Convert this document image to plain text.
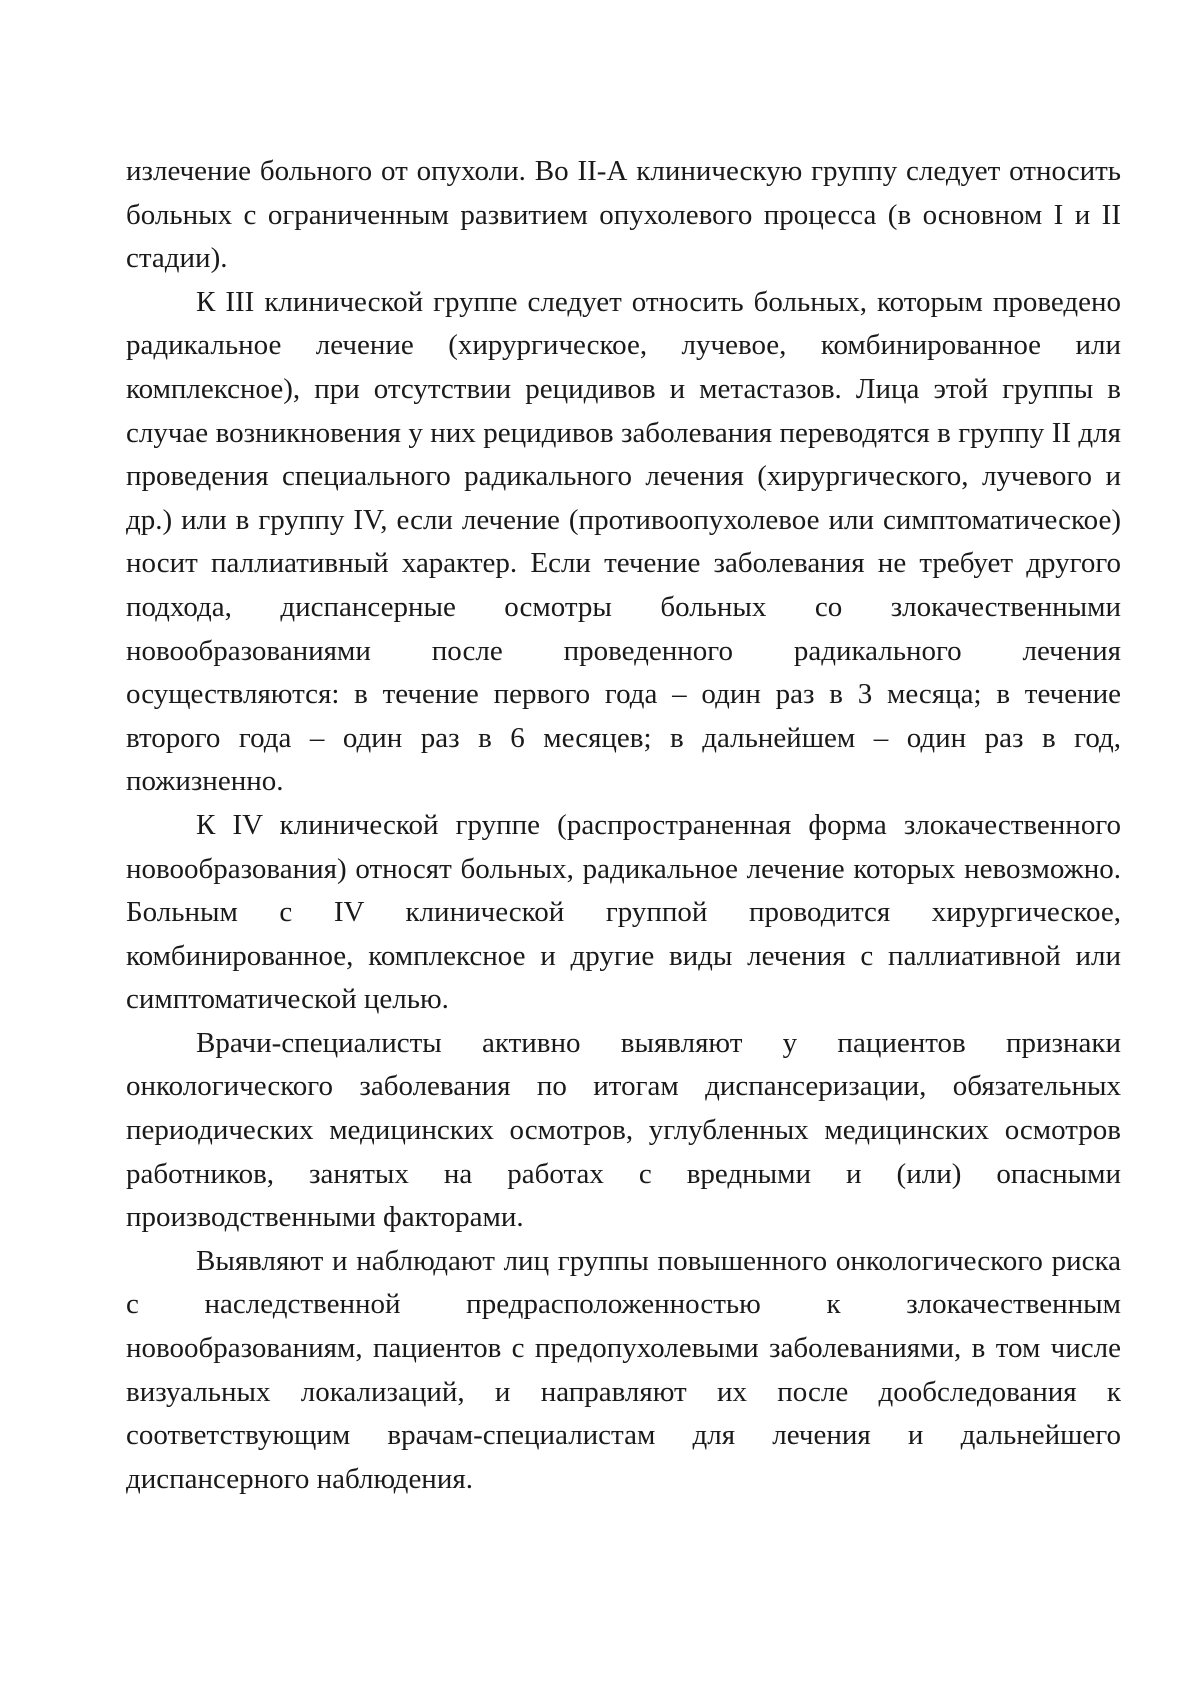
излечение больного от опухоли. Во II-А клиническую группу следует относить больных с ограниченным развитием опухолевого процесса (в основном I и II стадии).

К III клинической группе следует относить больных, которым проведено радикальное лечение (хирургическое, лучевое, комбинированное или комплексное), при отсутствии рецидивов и метастазов. Лица этой группы в случае возникновения у них рецидивов заболевания переводятся в группу II для проведения специального радикального лечения (хирургического, лучевого и др.) или в группу IV, если лечение (противоопухолевое или симптоматическое) носит паллиативный характер. Если течение заболевания не требует другого подхода, диспансерные осмотры больных со злокачественными новообразованиями после проведенного радикального лечения осуществляются: в течение первого года – один раз в 3 месяца; в течение второго года – один раз в 6 месяцев; в дальнейшем – один раз в год, пожизненно.

К IV клинической группе (распространенная форма злокачественного новообразования) относят больных, радикальное лечение которых невозможно. Больным с IV клинической группой проводится хирургическое, комбинированное, комплексное и другие виды лечения с паллиативной или симптоматической целью.

Врачи-специалисты активно выявляют у пациентов признаки онкологического заболевания по итогам диспансеризации, обязательных периодических медицинских осмотров, углубленных медицинских осмотров работников, занятых на работах с вредными и (или) опасными производственными факторами.

Выявляют и наблюдают лиц группы повышенного онкологического риска с наследственной предрасположенностью к злокачественным новообразованиям, пациентов с предопухолевыми заболеваниями, в том числе визуальных локализаций, и направляют их после дообследования к соответствующим врачам-специалистам для лечения и дальнейшего диспансерного наблюдения.
